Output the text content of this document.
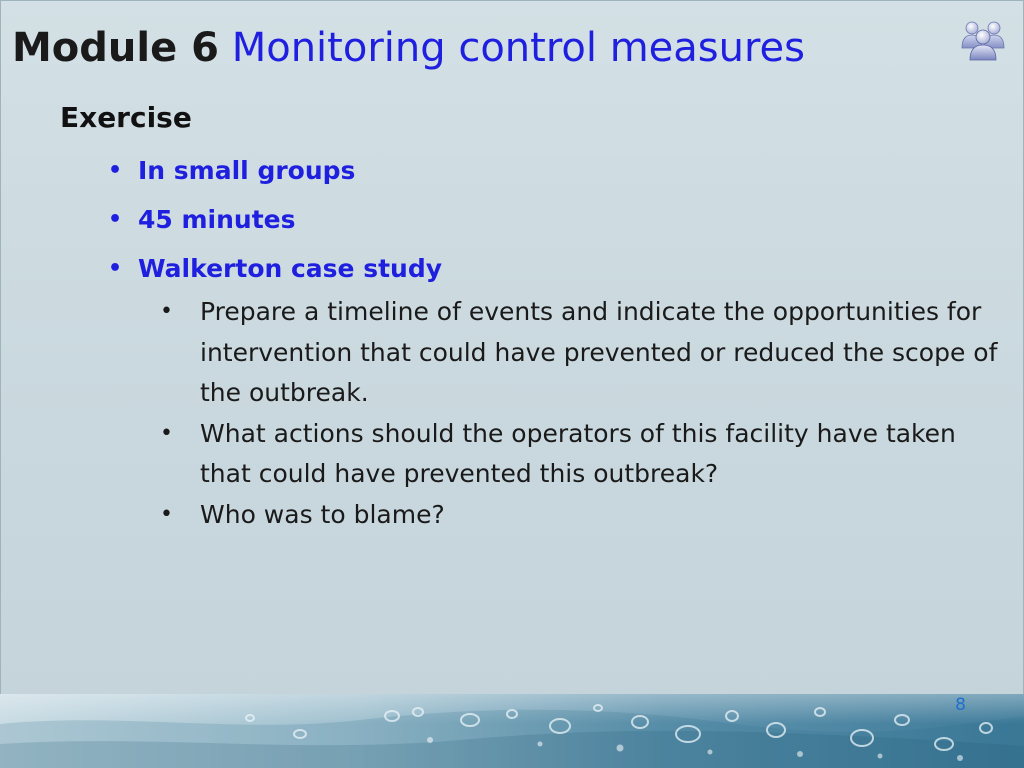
Module 6 Monitoring control measures
Exercise
• In small groups
• 45 minutes
• Walkerton case study
• Prepare a timeline of events and indicate the opportunities for intervention that could have prevented or reduced the scope of the outbreak.
• What actions should the operators of this facility have taken that could have prevented this outbreak?
• Who was to blame?
8
